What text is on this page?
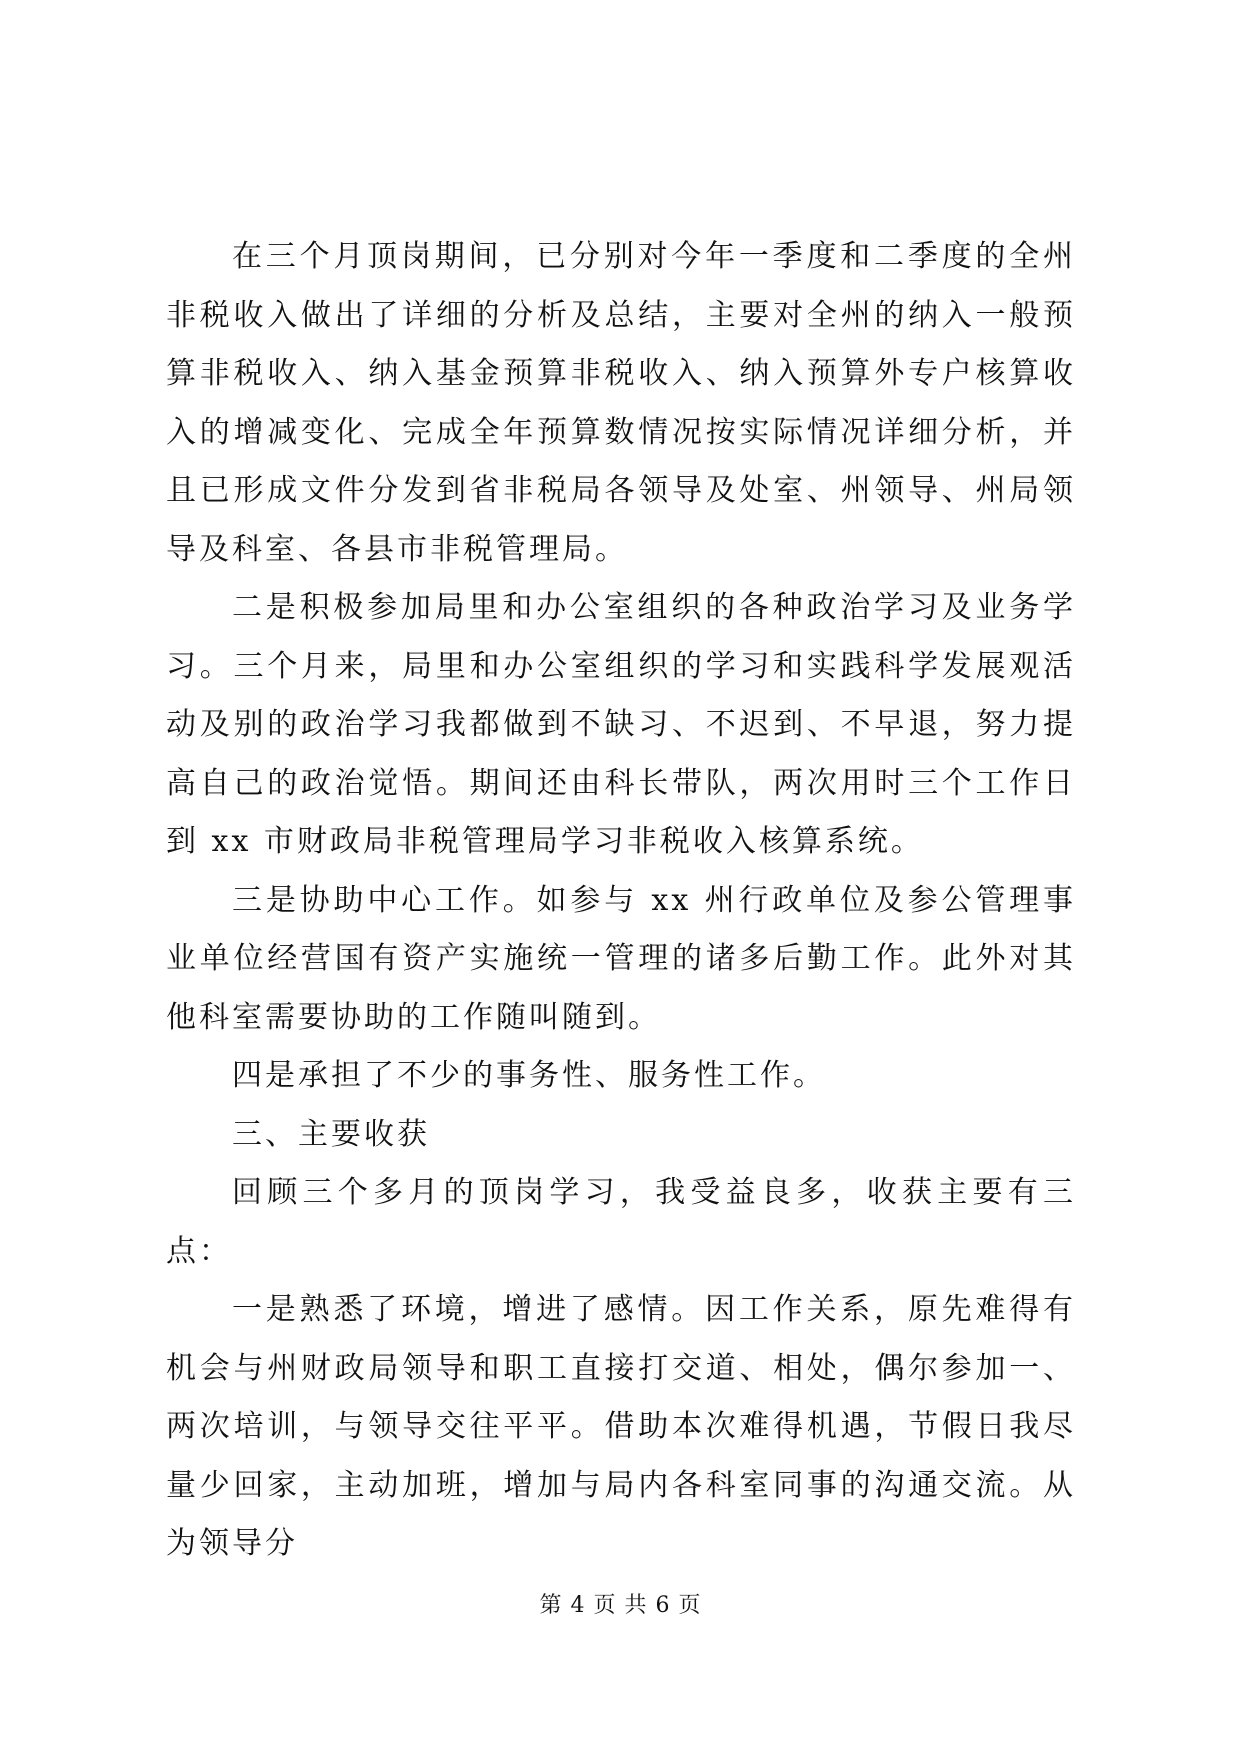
在三个月顶岗期间，已分别对今年一季度和二季度的全州非税收入做出了详细的分析及总结，主要对全州的纳入一般预算非税收入、纳入基金预算非税收入、纳入预算外专户核算收入的增减变化、完成全年预算数情况按实际情况详细分析，并且已形成文件分发到省非税局各领导及处室、州领导、州局领导及科室、各县市非税管理局。

二是积极参加局里和办公室组织的各种政治学习及业务学习。三个月来，局里和办公室组织的学习和实践科学发展观活动及别的政治学习我都做到不缺习、不迟到、不早退，努力提高自己的政治觉悟。期间还由科长带队，两次用时三个工作日到 xx 市财政局非税管理局学习非税收入核算系统。

三是协助中心工作。如参与 xx 州行政单位及参公管理事业单位经营国有资产实施统一管理的诸多后勤工作。此外对其他科室需要协助的工作随叫随到。

四是承担了不少的事务性、服务性工作。

三、主要收获

回顾三个多月的顶岗学习，我受益良多，收获主要有三点：

一是熟悉了环境，增进了感情。因工作关系，原先难得有机会与州财政局领导和职工直接打交道、相处，偶尔参加一、两次培训，与领导交往平平。借助本次难得机遇，节假日我尽量少回家，主动加班，增加与局内各科室同事的沟通交流。从为领导分

第 4 页 共 6 页
